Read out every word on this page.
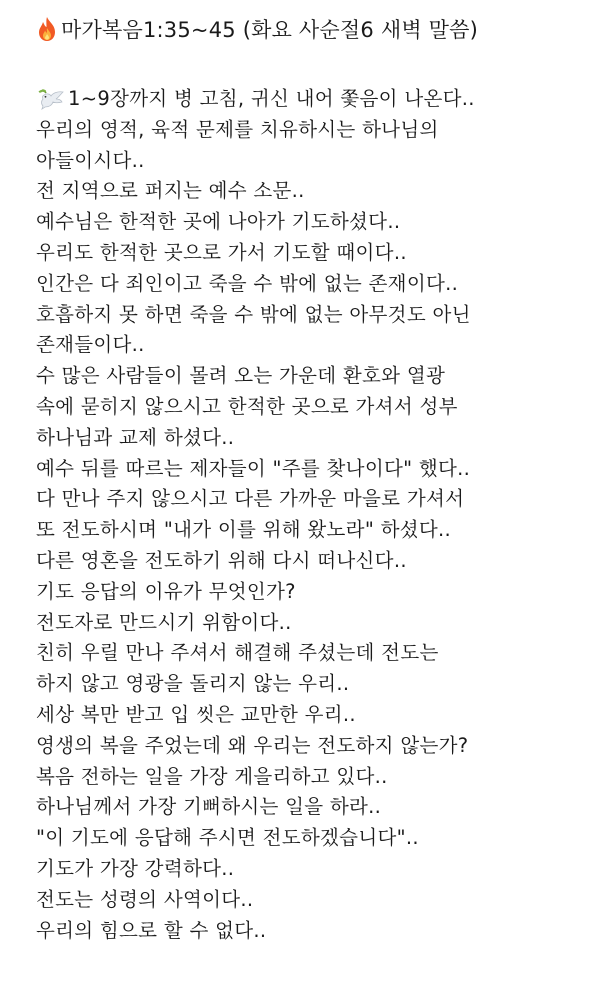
마가복음1:35~45 (화요 사순절6 새벽 말씀)
1~9장까지 병 고침, 귀신 내어 쫓음이 나온다..
우리의 영적, 육적 문제를 치유하시는 하나님의
아들이시다..
전 지역으로 퍼지는 예수 소문..
예수님은 한적한 곳에 나아가 기도하셨다..
우리도 한적한 곳으로 가서 기도할 때이다..
인간은 다 죄인이고 죽을 수 밖에 없는 존재이다..
호흡하지 못 하면 죽을 수 밖에 없는 아무것도 아닌
존재들이다..
수 많은 사람들이 몰려 오는 가운데 환호와 열광
속에 묻히지 않으시고 한적한 곳으로 가셔서 성부
하나님과 교제 하셨다..
예수 뒤를 따르는 제자들이 "주를 찾나이다" 했다..
다 만나 주지 않으시고 다른 가까운 마을로 가셔서
또 전도하시며 "내가 이를 위해 왔노라" 하셨다..
다른 영혼을 전도하기 위해 다시 떠나신다..
기도 응답의 이유가 무엇인가?
전도자로 만드시기 위함이다..
친히 우릴 만나 주셔서 해결해 주셨는데 전도는
하지 않고 영광을 돌리지 않는 우리..
세상 복만 받고 입 씻은 교만한 우리..
영생의 복을 주었는데 왜 우리는 전도하지 않는가?
복음 전하는 일을 가장 게을리하고 있다..
하나님께서 가장 기뻐하시는 일을 하라..
"이 기도에 응답해 주시면 전도하겠습니다"..
기도가 가장 강력하다..
전도는 성령의 사역이다..
우리의 힘으로 할 수 없다..
